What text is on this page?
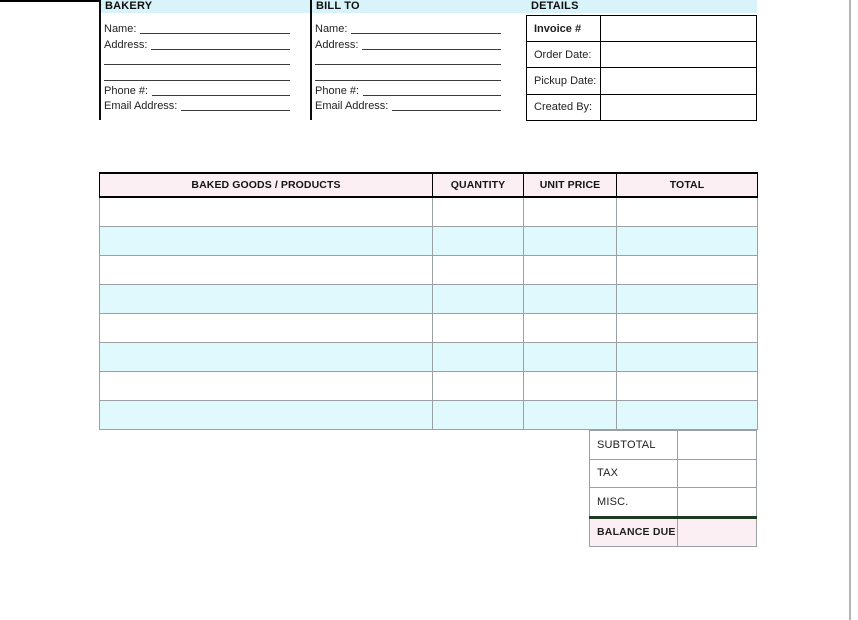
BAKERY	BILL TO	DETAILS
Name:
Address:
Phone #:
Email Address:
Name:
Address:
Phone #:
Email Address:
Invoice #	
Order Date:	
Pickup Date:	
Created By:	
BAKED GOODS / PRODUCTS	QUANTITY	UNIT PRICE	TOTAL

SUBTOTAL	
TAX	
MISC.	
BALANCE DUE	
